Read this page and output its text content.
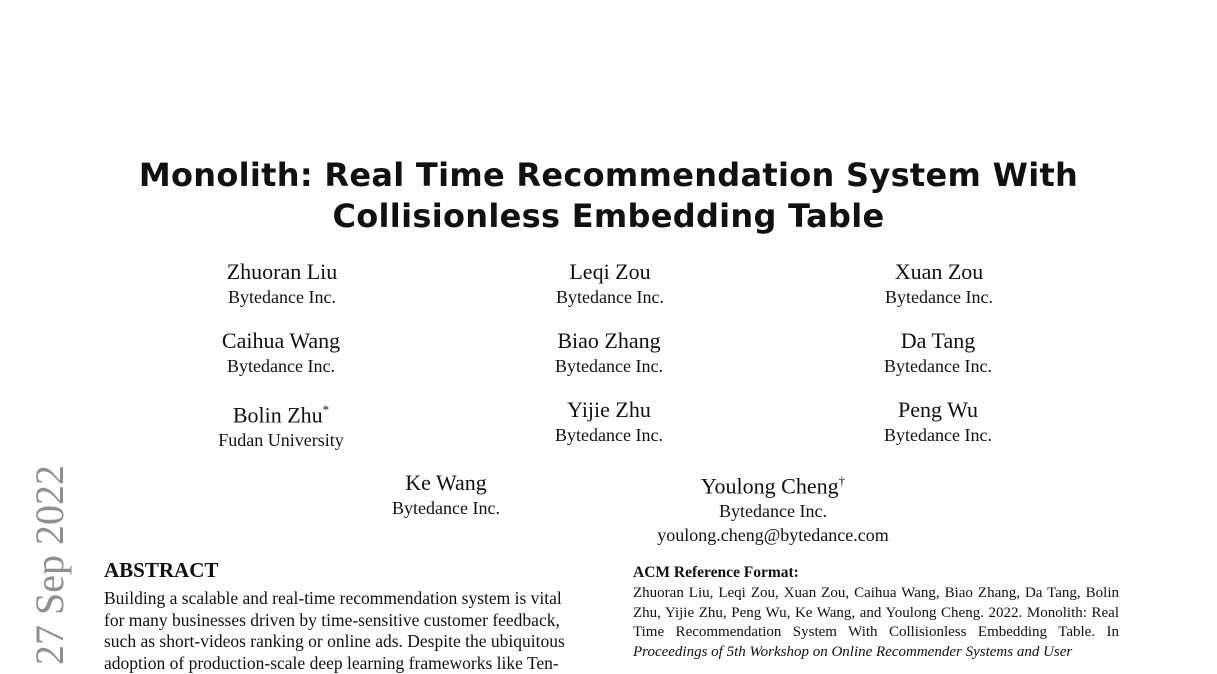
27 Sep 2022
Monolith: Real Time Recommendation System With
Collisionless Embedding Table
Zhuoran Liu
Bytedance Inc.
Leqi Zou
Bytedance Inc.
Xuan Zou
Bytedance Inc.
Caihua Wang
Bytedance Inc.
Biao Zhang
Bytedance Inc.
Da Tang
Bytedance Inc.
Bolin Zhu*
Fudan University
Yijie Zhu
Bytedance Inc.
Peng Wu
Bytedance Inc.
Ke Wang
Bytedance Inc.
Youlong Cheng†
Bytedance Inc.
youlong.cheng@bytedance.com
ABSTRACT
Building a scalable and real-time recommendation system is vital
for many businesses driven by time-sensitive customer feedback,
such as short-videos ranking or online ads. Despite the ubiquitous
adoption of production-scale deep learning frameworks like Ten-
ACM Reference Format:
Zhuoran Liu, Leqi Zou, Xuan Zou, Caihua Wang, Biao Zhang, Da Tang, Bolin Zhu, Yijie Zhu, Peng Wu, Ke Wang, and Youlong Cheng. 2022. Monolith: Real Time Recommendation System With Collisionless Embedding Table. In Proceedings of 5th Workshop on Online Recommender Systems and User
